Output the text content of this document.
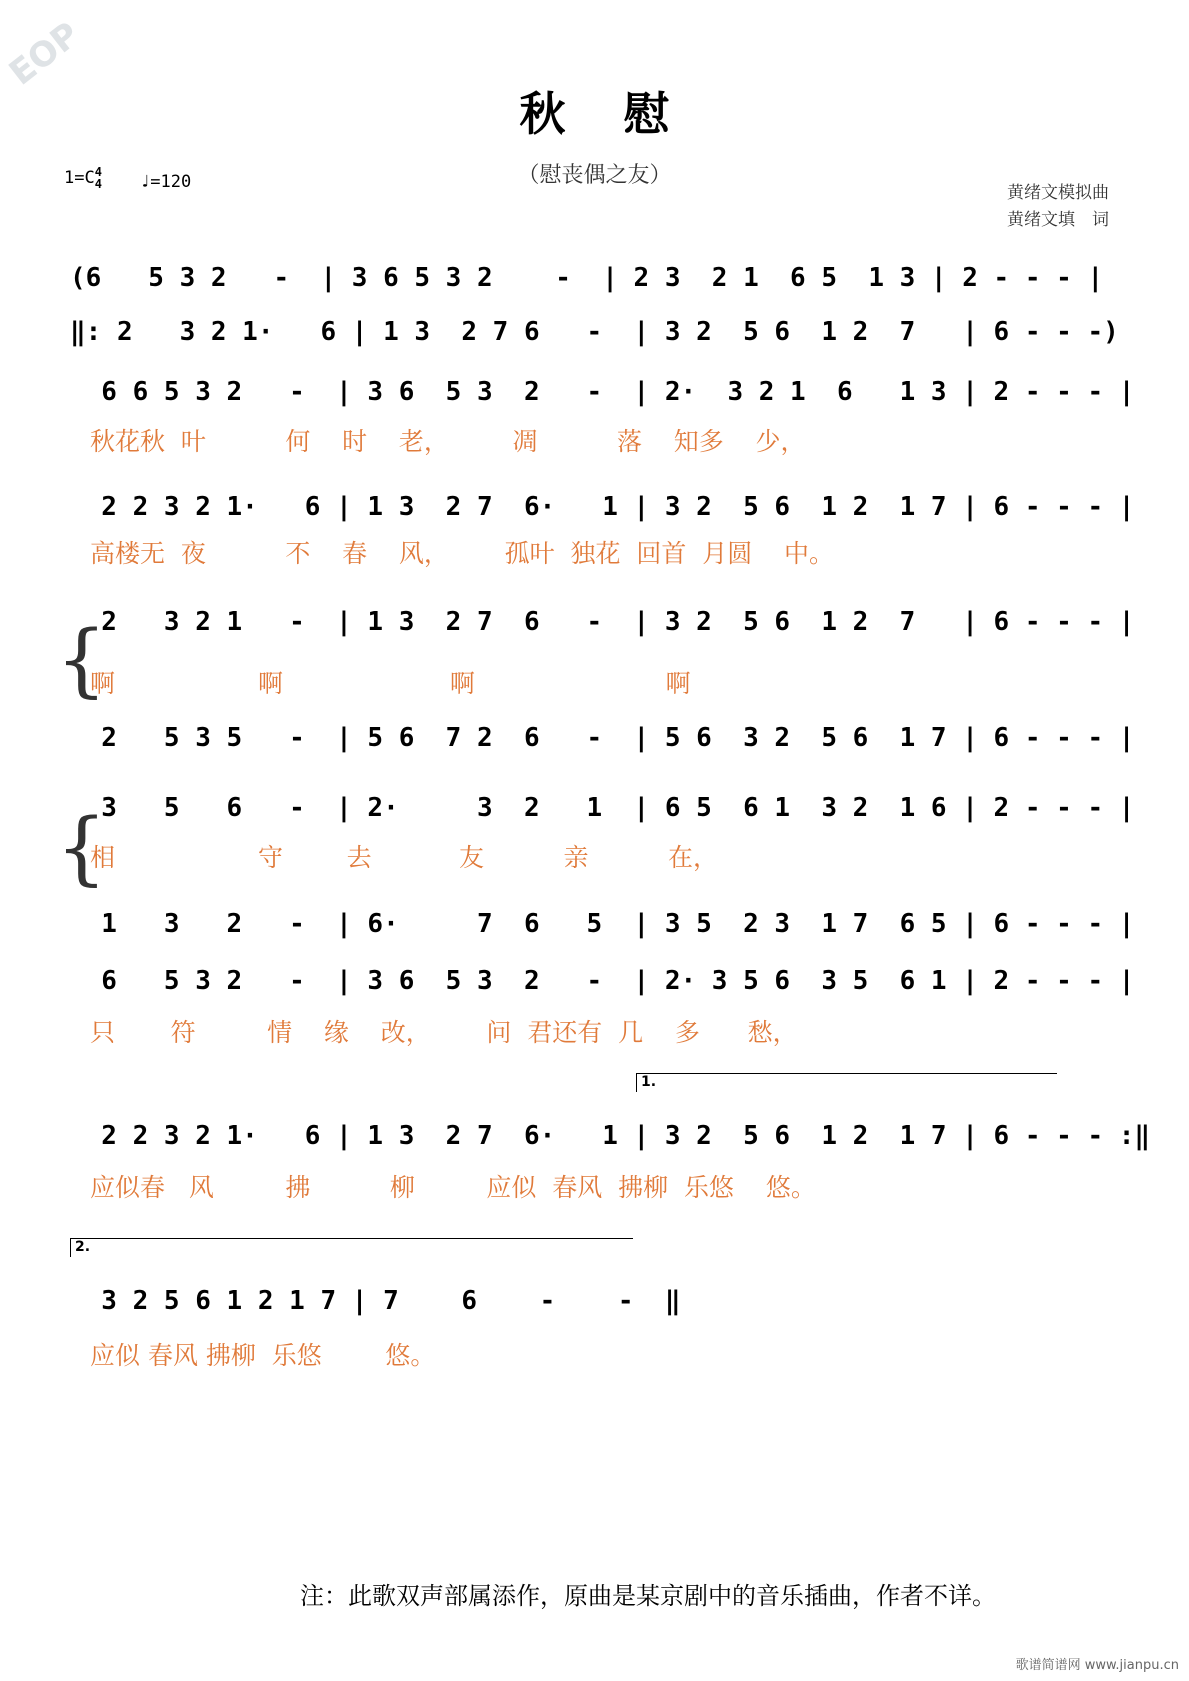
EOP
秋慰
（慰丧偶之友）
1=C4
4 ♩=120
黄绪文模拟曲
黄绪文填　词
(6   5 3 2   -  | 3 6 5 3 2    -  | 2 3  2 1  6 5  1 3 | 2 - - - |
‖: 2   3 2 1·   6 | 1 3  2 7 6   -  | 3 2  5 6  1 2  7   | 6 - - -)
6 6 5 3 2   -  | 3 6  5 3  2   -  | 2·  3 2 1  6   1 3 | 2 - - - |
秋花秋  叶          何    时    老，        凋          落    知多    少，
2 2 3 2 1·   6 | 1 3  2 7  6·   1 | 3 2  5 6  1 2  1 7 | 6 - - - |
高楼无  夜          不    春    风，       孤叶  独花  回首  月圆    中。
{
2   3 2 1   -  | 1 3  2 7  6   -  | 3 2  5 6  1 2  7   | 6 - - - |
啊                  啊                     啊                        啊
2   5 3 5   -  | 5 6  7 2  6   -  | 5 6  3 2  5 6  1 7 | 6 - - - |
{
3   5   6   -  | 2·     3  2   1  | 6 5  6 1  3 2  1 6 | 2 - - - |
相                  守        去           友          亲          在，
1   3   2   -  | 6·     7  6   5  | 3 5  2 3  1 7  6 5 | 6 - - - |
6   5 3 2   -  | 3 6  5 3  2   -  | 2· 3 5 6  3 5  6 1 | 2 - - - |
只       符         情    缘    改，       问  君还有  几    多      愁，
1.
2 2 3 2 1·   6 | 1 3  2 7  6·   1 | 3 2  5 6  1 2  1 7 | 6 - - - :‖
应似春   风         拂          柳         应似  春风  拂柳  乐悠    悠。
2.
3 2 5 6 1 2 1 7 | 7    6    -    -  ‖
应似 春风 拂柳  乐悠        悠。
注：此歌双声部属添作，原曲是某京剧中的音乐插曲，作者不详。
歌谱简谱网 www.jianpu.cn
